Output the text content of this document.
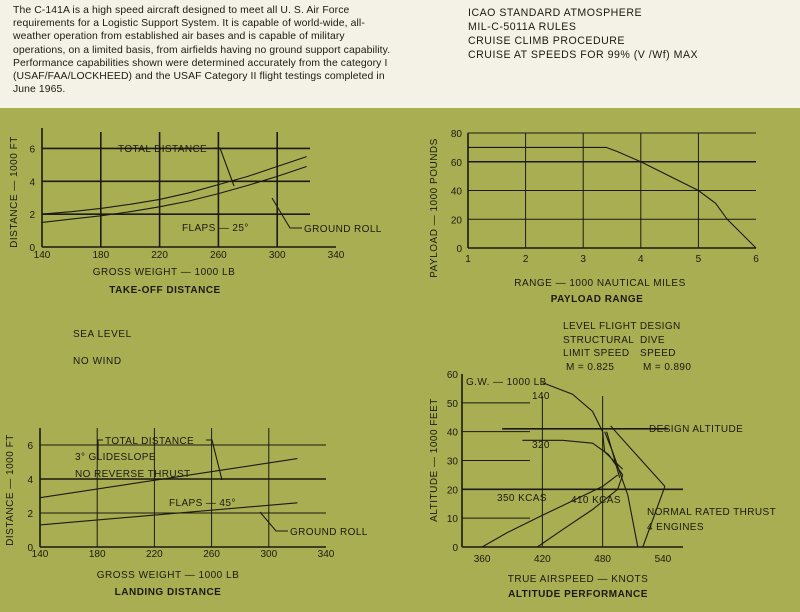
The C-141A is a high speed aircraft designed to meet all U. S. Air Force requirements for a Logistic Support System. It is capable of world-wide, all-weather operation from established air bases and is capable of military operations, on a limited basis, from airfields having no ground support capability. Performance capabilities shown were determined accurately from the category I (USAF/FAA/LOCKHEED) and the USAF Category II flight testings completed in June 1965.
ICAO STANDARD ATMOSPHERE
MIL-C-5011A RULES
CRUISE CLIMB PROCEDURE
CRUISE AT SPEEDS FOR 99% (V /Wf) MAX
SEA LEVEL
NO WIND
140	180	220	260	300	340
0
2
4
6	TOTAL DISTANCE
GROUND ROLL
FLAPS — 25°
GROSS WEIGHT — 1000 LB
TAKE-OFF DISTANCE
DISTANCE — 1000 FT
1	2	3	4	5	6
0
20
40
60
80
RANGE — 1000 NAUTICAL MILES
PAYLOAD RANGE
PAYLOAD — 1000 POUNDS
140	180	220	260	300	340
0
2
4
6	TOTAL DISTANCE
3° GLIDESLOPE
NO REVERSE THRUST
FLAPS — 45°
GROUND ROLL
GROSS WEIGHT — 1000 LB
LANDING DISTANCE
DISTANCE — 1000 FT
360	420	480	540
0
10
20
30
40
50
60
G.W. — 1000 LB
140
320
350 KCAS 410 KCAS
LEVEL FLIGHT DESIGN
STRUCTURAL DIVE
LIMIT SPEED SPEED
M = 0.825	M = 0.890
DESIGN ALTITUDE
NORMAL RATED THRUST
4 ENGINES
TRUE AIRSPEED — KNOTS
ALTITUDE PERFORMANCE
ALTITUDE — 1000 FEET
